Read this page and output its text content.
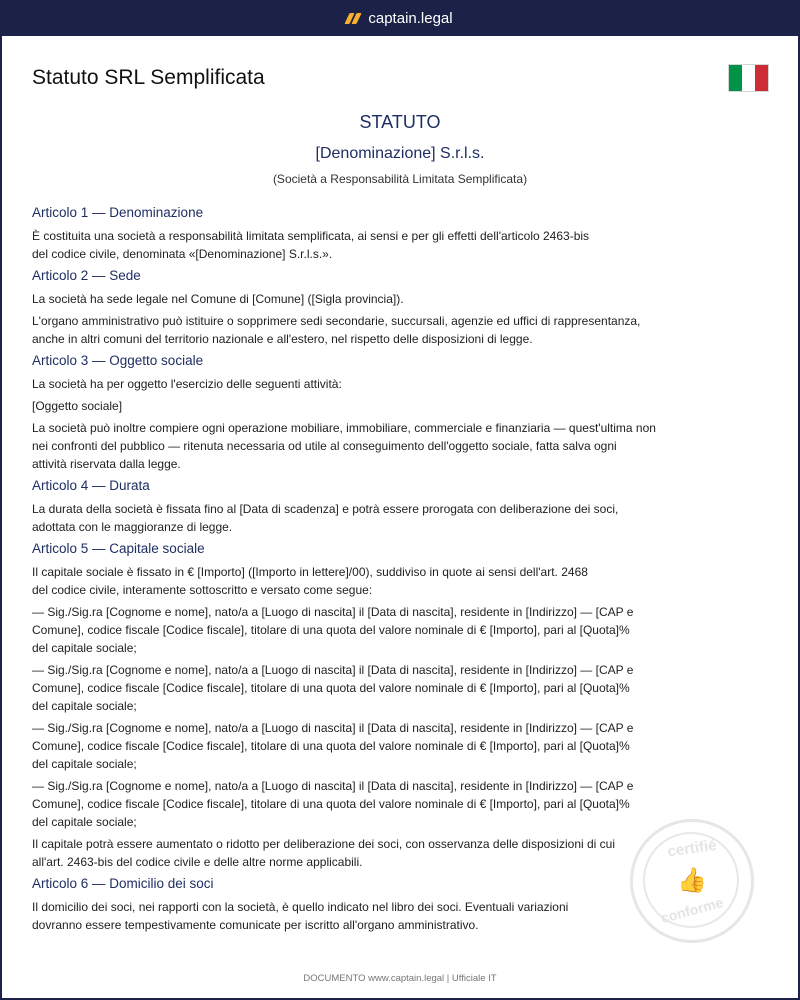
captain.legal
Statuto SRL Semplificata
STATUTO
[Denominazione] S.r.l.s.
(Società a Responsabilità Limitata Semplificata)
Articolo 1 — Denominazione
È costituita una società a responsabilità limitata semplificata, ai sensi e per gli effetti dell'articolo 2463-bis
del codice civile, denominata «[Denominazione] S.r.l.s.».
Articolo 2 — Sede
La società ha sede legale nel Comune di [Comune] ([Sigla provincia]).
L'organo amministrativo può istituire o sopprimere sedi secondarie, succursali, agenzie ed uffici di rappresentanza,
anche in altri comuni del territorio nazionale e all'estero, nel rispetto delle disposizioni di legge.
Articolo 3 — Oggetto sociale
La società ha per oggetto l'esercizio delle seguenti attività:
[Oggetto sociale]
La società può inoltre compiere ogni operazione mobiliare, immobiliare, commerciale e finanziaria — quest'ultima non
nei confronti del pubblico — ritenuta necessaria od utile al conseguimento dell'oggetto sociale, fatta salva ogni
attività riservata dalla legge.
Articolo 4 — Durata
La durata della società è fissata fino al [Data di scadenza] e potrà essere prorogata con deliberazione dei soci,
adottata con le maggioranze di legge.
Articolo 5 — Capitale sociale
Il capitale sociale è fissato in € [Importo] ([Importo in lettere]/00), suddiviso in quote ai sensi dell'art. 2468
del codice civile, interamente sottoscritto e versato come segue:
— Sig./Sig.ra [Cognome e nome], nato/a a [Luogo di nascita] il [Data di nascita], residente in [Indirizzo] — [CAP e
Comune], codice fiscale [Codice fiscale], titolare di una quota del valore nominale di € [Importo], pari al [Quota]%
del capitale sociale;
— Sig./Sig.ra [Cognome e nome], nato/a a [Luogo di nascita] il [Data di nascita], residente in [Indirizzo] — [CAP e
Comune], codice fiscale [Codice fiscale], titolare di una quota del valore nominale di € [Importo], pari al [Quota]%
del capitale sociale;
— Sig./Sig.ra [Cognome e nome], nato/a a [Luogo di nascita] il [Data di nascita], residente in [Indirizzo] — [CAP e
Comune], codice fiscale [Codice fiscale], titolare di una quota del valore nominale di € [Importo], pari al [Quota]%
del capitale sociale;
— Sig./Sig.ra [Cognome e nome], nato/a a [Luogo di nascita] il [Data di nascita], residente in [Indirizzo] — [CAP e
Comune], codice fiscale [Codice fiscale], titolare di una quota del valore nominale di € [Importo], pari al [Quota]%
del capitale sociale;
Il capitale potrà essere aumentato o ridotto per deliberazione dei soci, con osservanza delle disposizioni di cui
all'art. 2463-bis del codice civile e delle altre norme applicabili.
Articolo 6 — Domicilio dei soci
Il domicilio dei soci, nei rapporti con la società, è quello indicato nel libro dei soci. Eventuali variazioni
dovranno essere tempestivamente comunicate per iscritto all'organo amministrativo.
certifié
👍
conforme
DOCUMENTO www.captain.legal | Ufficiale IT
